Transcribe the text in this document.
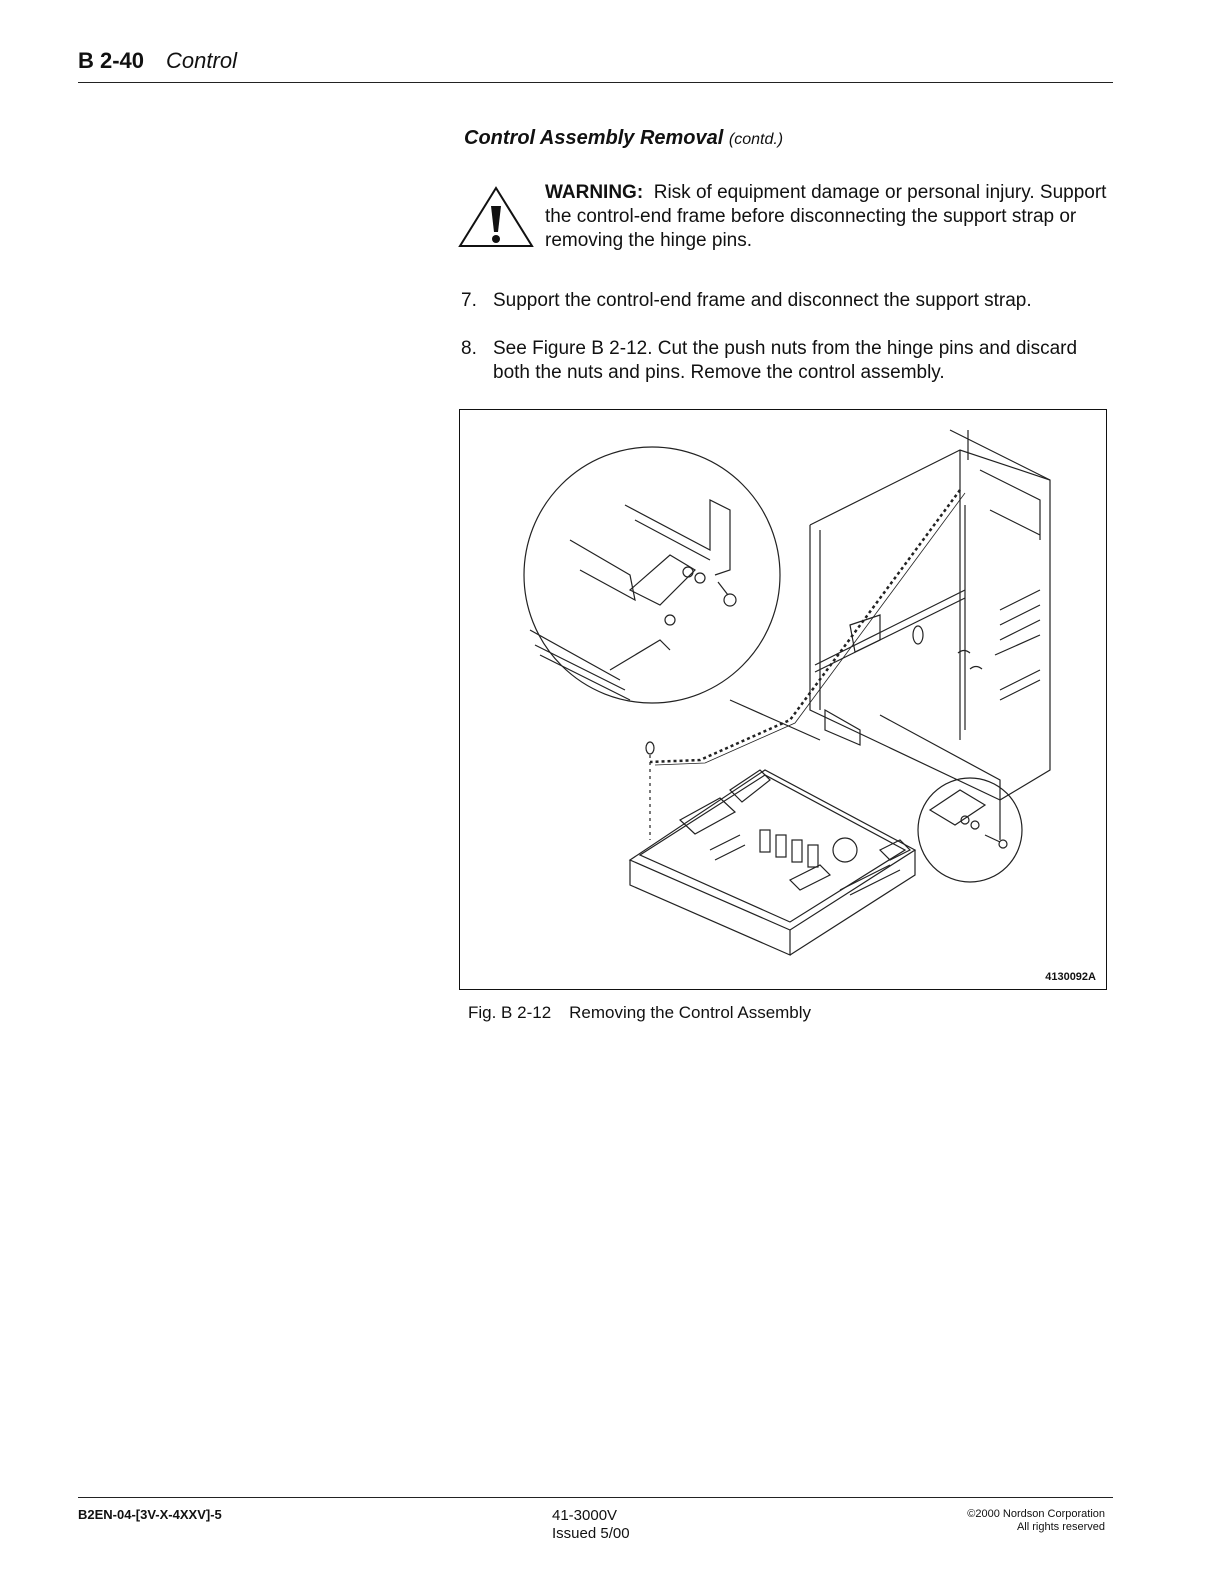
B 2-40 Control
Control Assembly Removal (contd.)
WARNING: Risk of equipment damage or personal injury. Support the control-end frame before disconnecting the support strap or removing the hinge pins.
7. Support the control-end frame and disconnect the support strap.
8. See Figure B 2-12. Cut the push nuts from the hinge pins and discard both the nuts and pins. Remove the control assembly.
4130092A
Fig. B 2-12 Removing the Control Assembly
B2EN-04-[3V-X-4XXV]-5	41-3000V
Issued 5/00
©2000 Nordson Corporation
All rights reserved
